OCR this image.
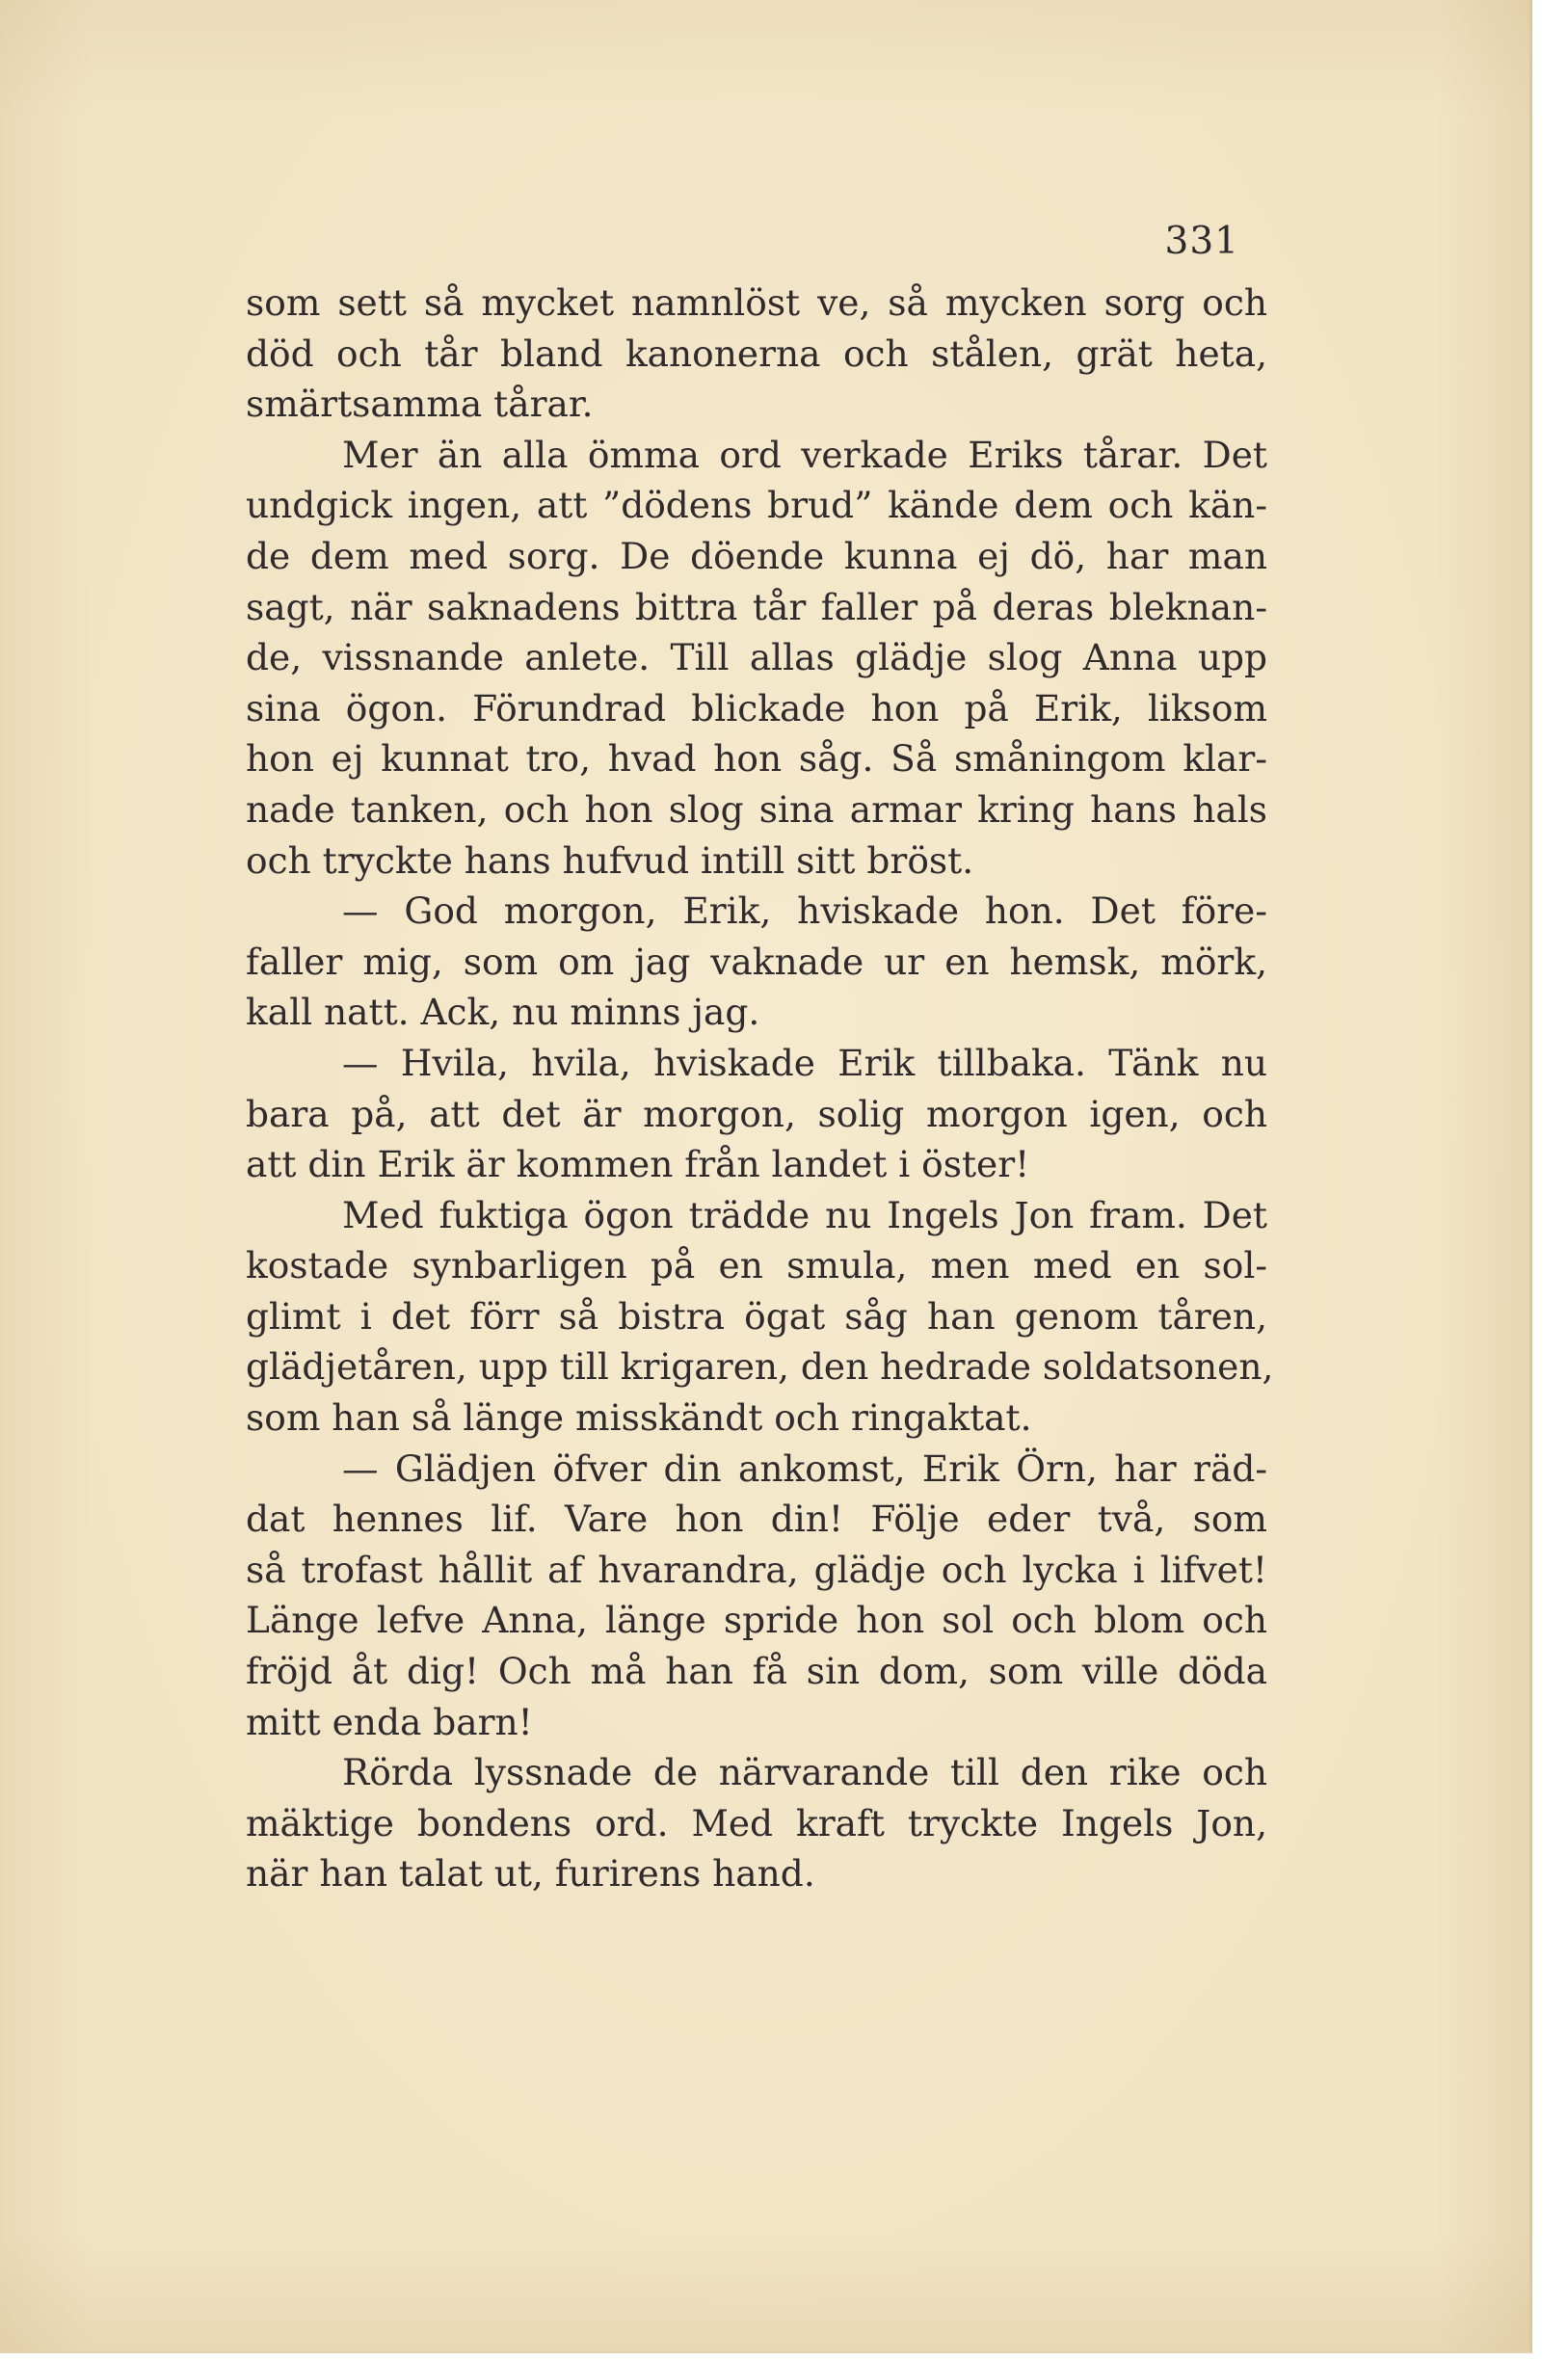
331
som sett så mycket namnlöst ve, så mycken sorg och
död och tår bland kanonerna och stålen, grät heta,
smärtsamma tårar.
Mer än alla ömma ord verkade Eriks tårar. Det
undgick ingen, att ”dödens brud” kände dem och kän-
de dem med sorg. De döende kunna ej dö, har man
sagt, när saknadens bittra tår faller på deras bleknan-
de, vissnande anlete. Till allas glädje slog Anna upp
sina ögon. Förundrad blickade hon på Erik, liksom
hon ej kunnat tro, hvad hon såg. Så småningom klar-
nade tanken, och hon slog sina armar kring hans hals
och tryckte hans hufvud intill sitt bröst.
— God morgon, Erik, hviskade hon. Det före-
faller mig, som om jag vaknade ur en hemsk, mörk,
kall natt. Ack, nu minns jag.
— Hvila, hvila, hviskade Erik tillbaka. Tänk nu
bara på, att det är morgon, solig morgon igen, och
att din Erik är kommen från landet i öster!
Med fuktiga ögon trädde nu Ingels Jon fram. Det
kostade synbarligen på en smula, men med en sol-
glimt i det förr så bistra ögat såg han genom tåren,
glädjetåren, upp till krigaren, den hedrade soldatsonen,
som han så länge misskändt och ringaktat.
— Glädjen öfver din ankomst, Erik Örn, har räd-
dat hennes lif. Vare hon din! Följe eder två, som
så trofast hållit af hvarandra, glädje och lycka i lifvet!
Länge lefve Anna, länge spride hon sol och blom och
fröjd åt dig! Och må han få sin dom, som ville döda
mitt enda barn!
Rörda lyssnade de närvarande till den rike och
mäktige bondens ord. Med kraft tryckte Ingels Jon,
när han talat ut, furirens hand.
